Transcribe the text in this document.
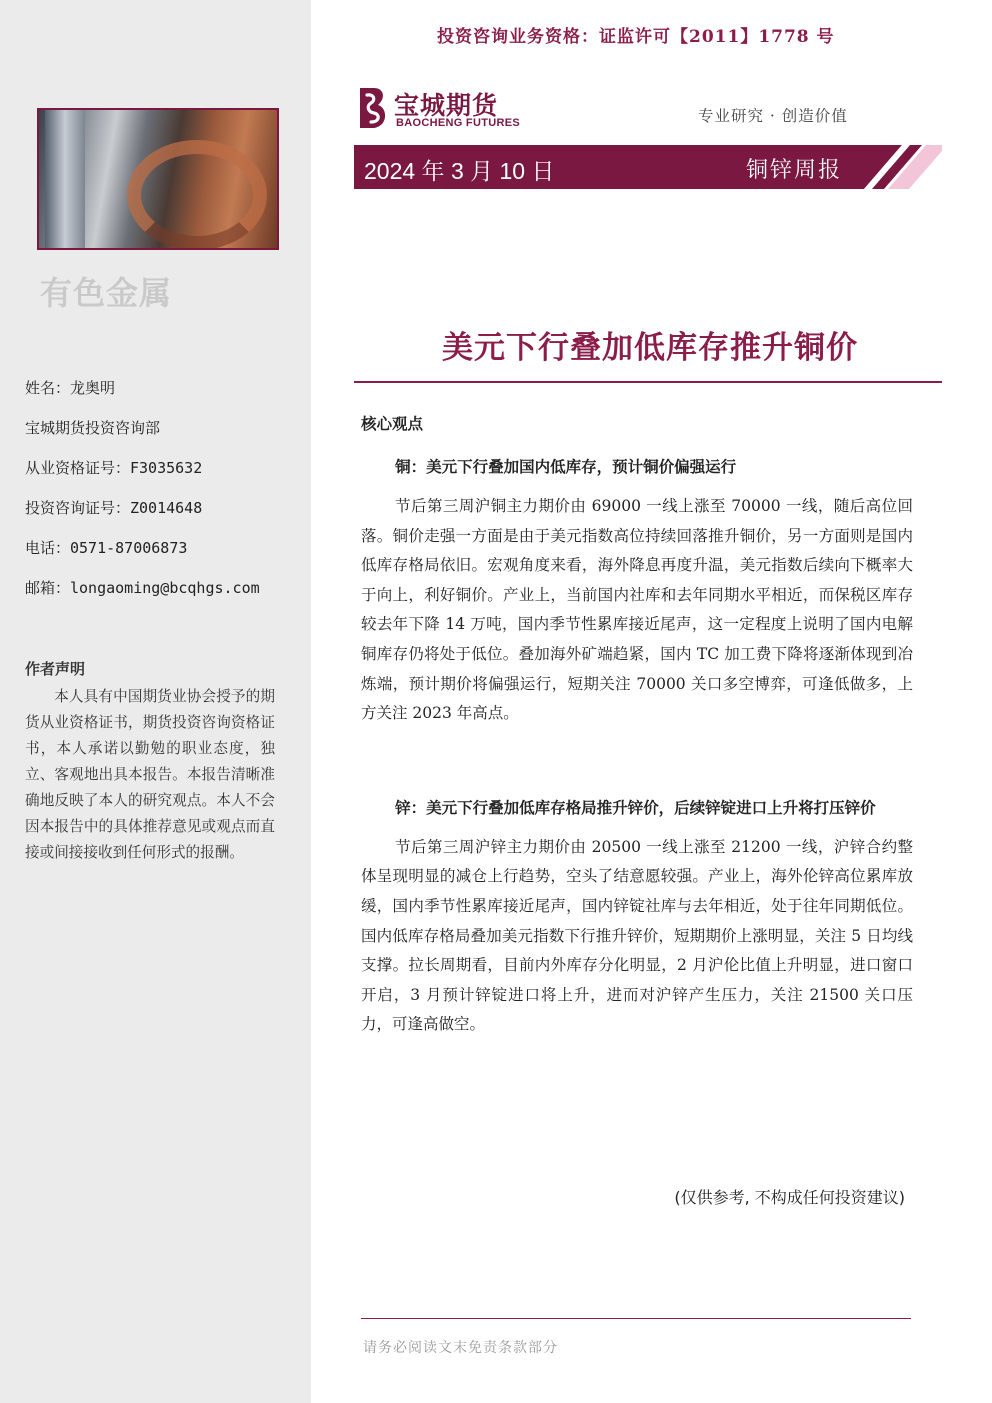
有色金属
姓名：龙奥明
宝城期货投资咨询部
从业资格证号：F3035632
投资咨询证号：Z0014648
电话：0571-87006873
邮箱：longaoming@bcqhgs.com
作者声明
本人具有中国期货业协会授予的期货从业资格证书，期货投资咨询资格证书，本人承诺以勤勉的职业态度，独立、客观地出具本报告。本报告清晰准确地反映了本人的研究观点。本人不会因本报告中的具体推荐意见或观点而直接或间接接收到任何形式的报酬。
投资咨询业务资格：证监许可【2011】1778 号
宝城期货
BAOCHENG FUTURES	专业研究 · 创造价值
2024 年 3 月 10 日	铜锌周报
美元下行叠加低库存推升铜价
核心观点
铜：美元下行叠加国内低库存，预计铜价偏强运行

节后第三周沪铜主力期价由 69000 一线上涨至 70000 一线，随后高位回落。铜价走强一方面是由于美元指数高位持续回落推升铜价，另一方面则是国内低库存格局依旧。宏观角度来看，海外降息再度升温，美元指数后续向下概率大于向上，利好铜价。产业上，当前国内社库和去年同期水平相近，而保税区库存较去年下降 14 万吨，国内季节性累库接近尾声，这一定程度上说明了国内电解铜库存仍将处于低位。叠加海外矿端趋紧，国内 TC 加工费下降将逐渐体现到冶炼端，预计期价将偏强运行，短期关注 70000 关口多空博弈，可逢低做多，上方关注 2023 年高点。

锌：美元下行叠加低库存格局推升锌价，后续锌锭进口上升将打压锌价

节后第三周沪锌主力期价由 20500 一线上涨至 21200 一线，沪锌合约整体呈现明显的减仓上行趋势，空头了结意愿较强。产业上，海外伦锌高位累库放缓，国内季节性累库接近尾声，国内锌锭社库与去年相近，处于往年同期低位。国内低库存格局叠加美元指数下行推升锌价，短期期价上涨明显，关注 5 日均线支撑。拉长周期看，目前内外库存分化明显，2 月沪伦比值上升明显，进口窗口开启，3 月预计锌锭进口将上升，进而对沪锌产生压力，关注 21500 关口压力，可逢高做空。

(仅供参考, 不构成任何投资建议)
请务必阅读文末免责条款部分
